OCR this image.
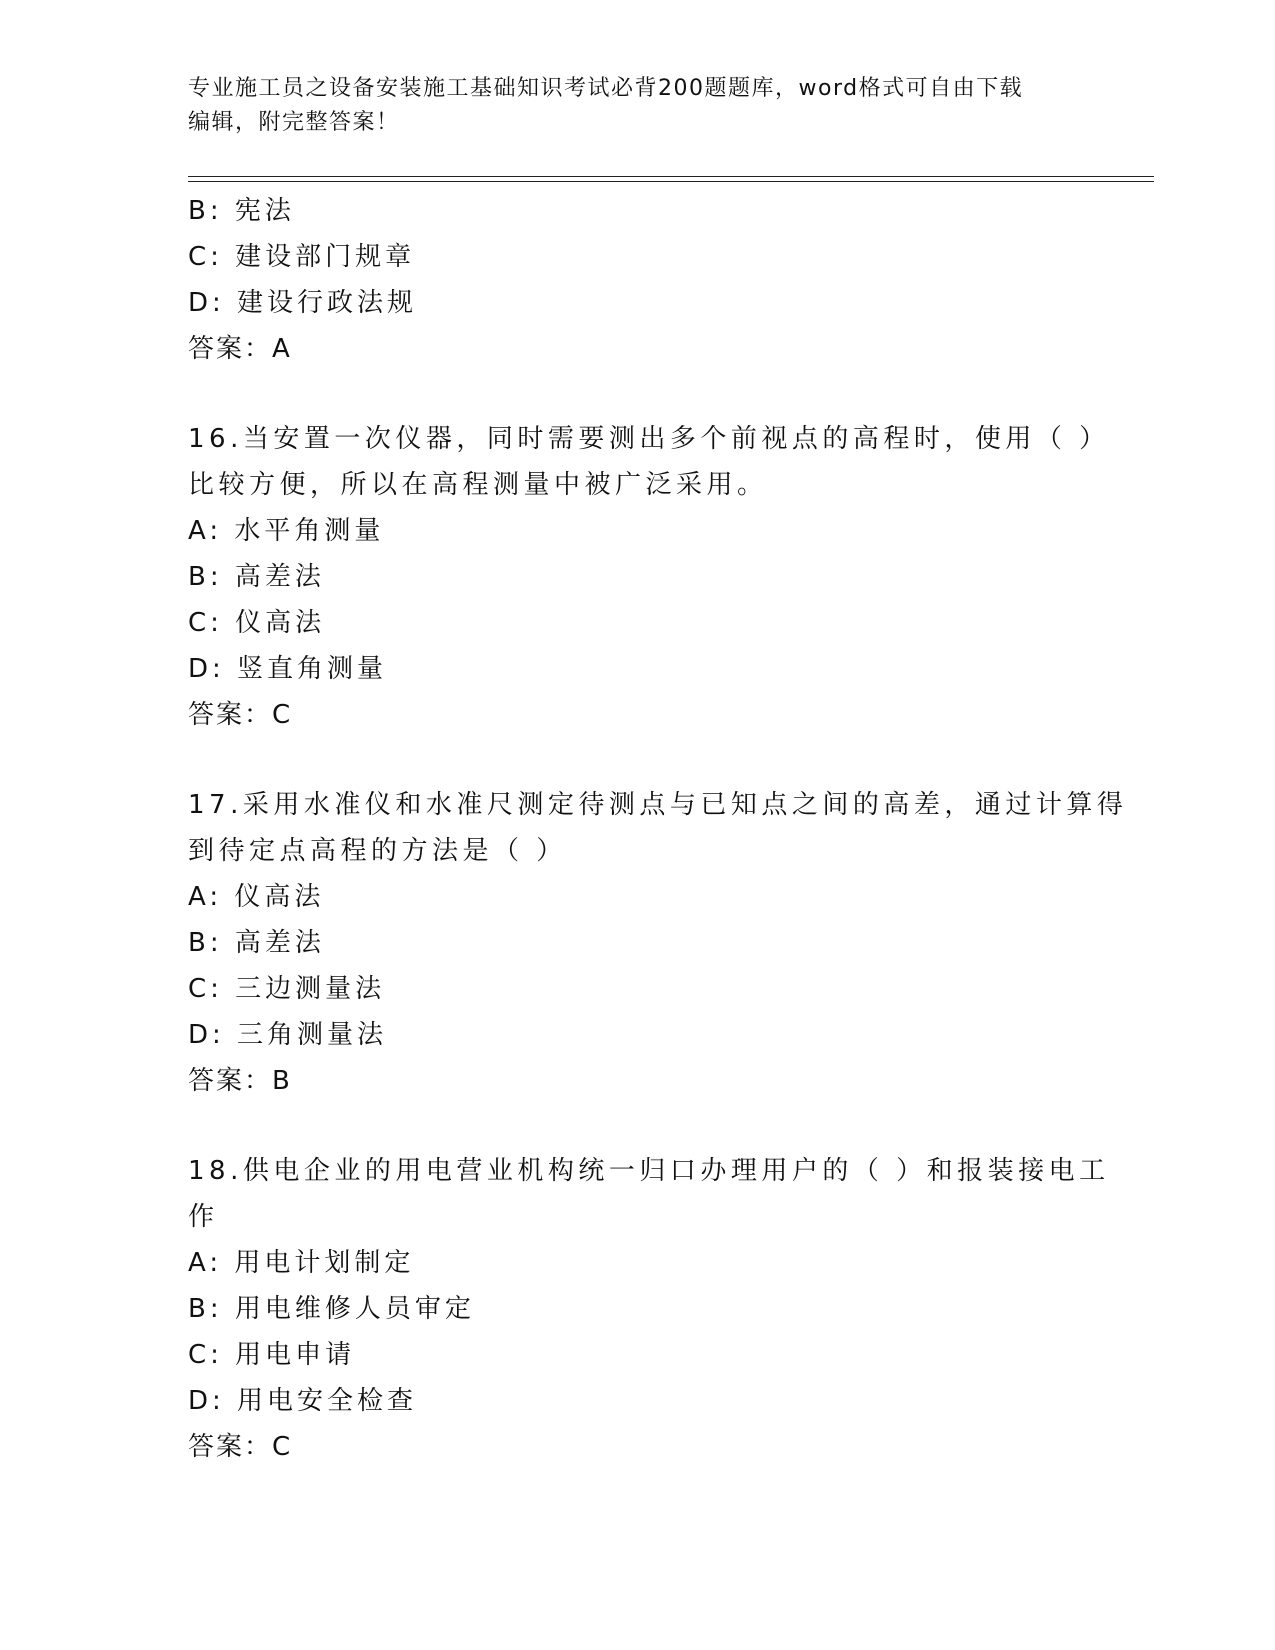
专业施工员之设备安装施工基础知识考试必背200题题库，word格式可自由下载
编辑，附完整答案！
B: 宪法
C: 建设部门规章
D: 建设行政法规
答案：A
16.当安置一次仪器，同时需要测出多个前视点的高程时，使用（ ）
比较方便，所以在高程测量中被广泛采用。
A: 水平角测量
B: 高差法
C: 仪高法
D: 竖直角测量
答案：C
17.采用水准仪和水准尺测定待测点与已知点之间的高差，通过计算得
到待定点高程的方法是（ ）
A: 仪高法
B: 高差法
C: 三边测量法
D: 三角测量法
答案：B
18.供电企业的用电营业机构统一归口办理用户的（ ）和报装接电工
作
A: 用电计划制定
B: 用电维修人员审定
C: 用电申请
D: 用电安全检查
答案：C
